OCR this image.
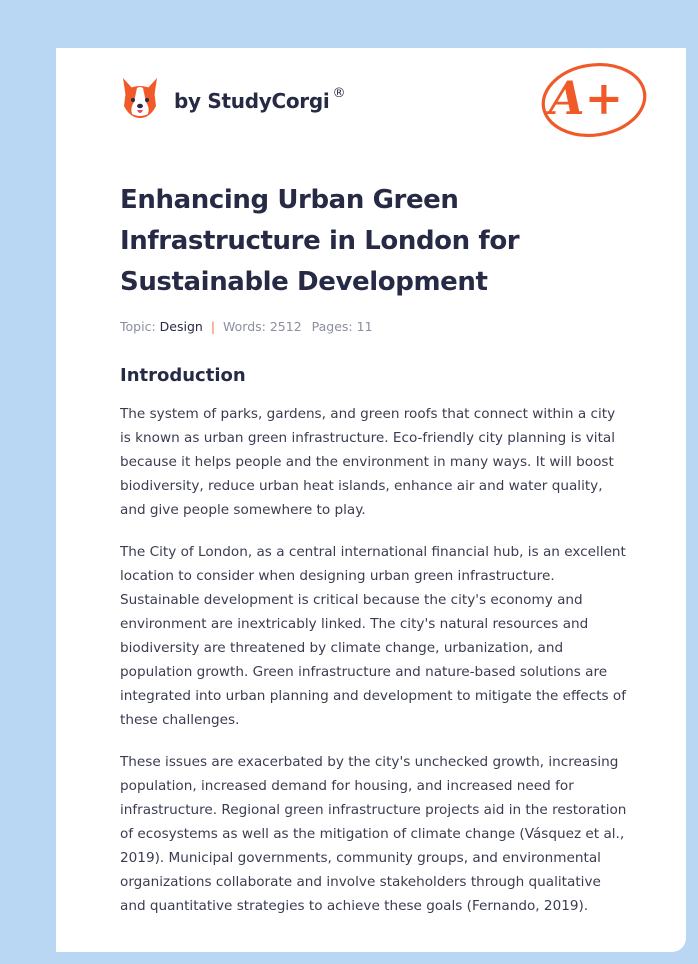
by StudyCorgi ®	A+
Enhancing Urban Green Infrastructure in London for Sustainable Development
Topic: Design | Words: 2512 Pages: 11
Introduction

The system of parks, gardens, and green roofs that connect within a city is known as urban green infrastructure. Eco-friendly city planning is vital because it helps people and the environment in many ways. It will boost biodiversity, reduce urban heat islands, enhance air and water quality, and give people somewhere to play.

The City of London, as a central international financial hub, is an excellent location to consider when designing urban green infrastructure. Sustainable development is critical because the city's economy and environment are inextricably linked. The city's natural resources and biodiversity are threatened by climate change, urbanization, and population growth. Green infrastructure and nature-based solutions are integrated into urban planning and development to mitigate the effects of these challenges.

These issues are exacerbated by the city's unchecked growth, increasing population, increased demand for housing, and increased need for infrastructure. Regional green infrastructure projects aid in the restoration of ecosystems as well as the mitigation of climate change (Vásquez et al., 2019). Municipal governments, community groups, and environmental organizations collaborate and involve stakeholders through qualitative and quantitative strategies to achieve these goals (Fernando, 2019).
